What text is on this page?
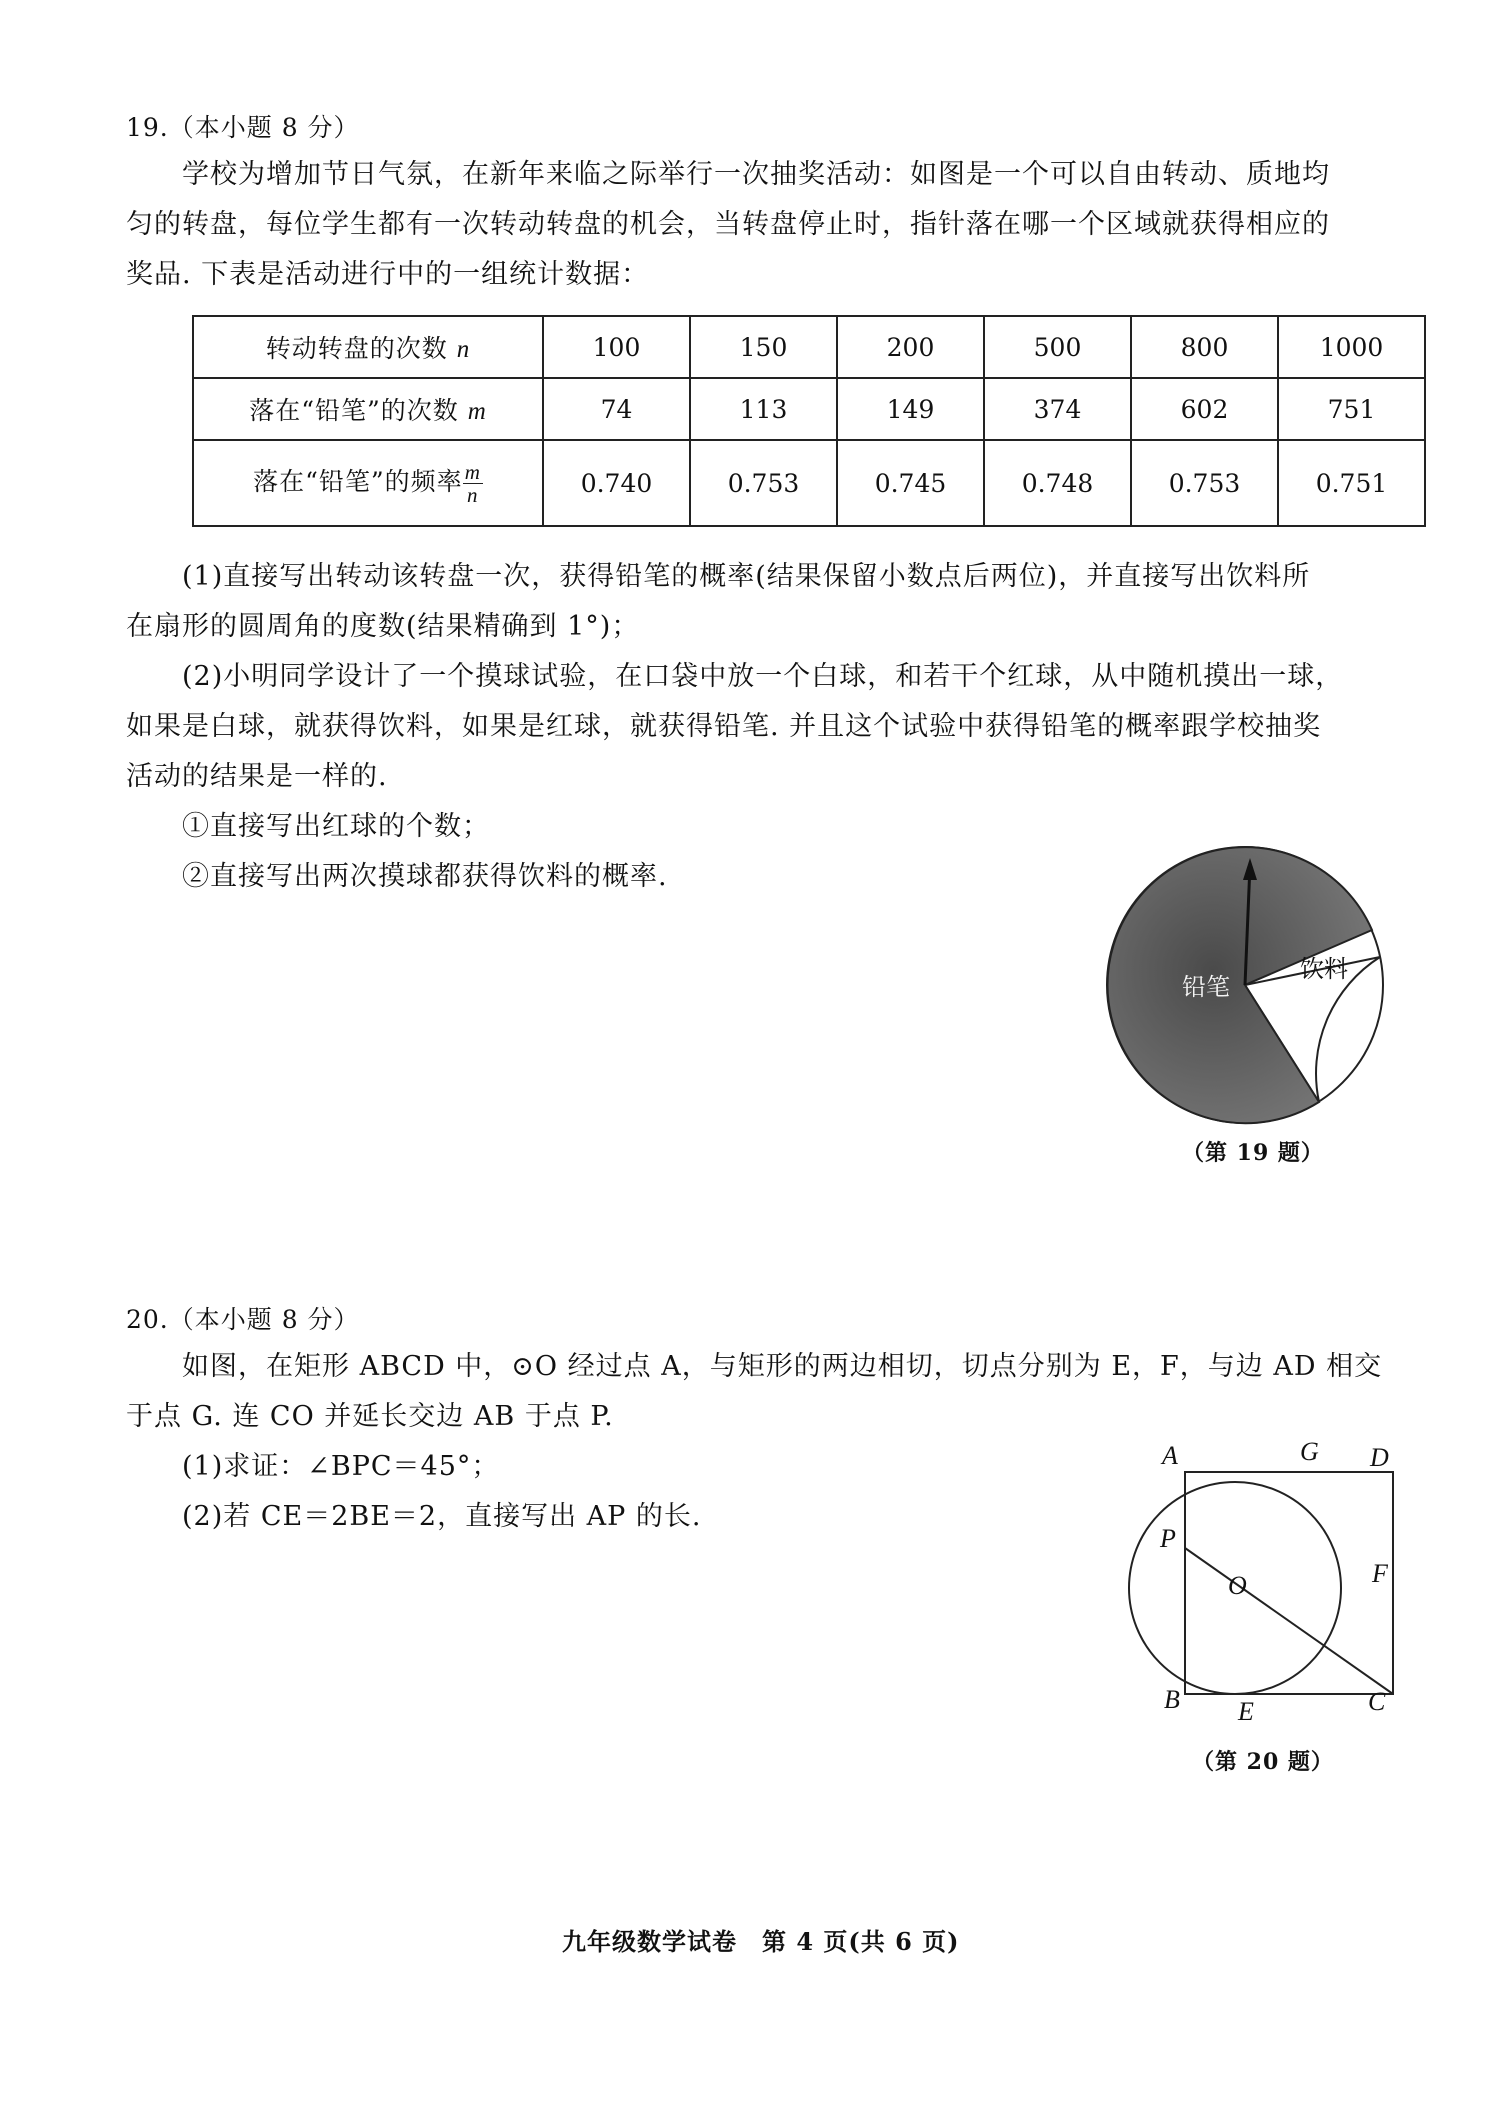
19.（本小题 8 分）

学校为增加节日气氛，在新年来临之际举行一次抽奖活动：如图是一个可以自由转动、质地均

匀的转盘，每位学生都有一次转动转盘的机会，当转盘停止时，指针落在哪一个区域就获得相应的

奖品. 下表是活动进行中的一组统计数据：

转动转盘的次数 n	100	150	200	500	800	1000
落在“铅笔”的次数 m	74	113	149	374	602	751
落在“铅笔”的频率 $\frac{m}{n}$	0.740	0.753	0.745	0.748	0.753	0.751

(1)直接写出转动该转盘一次，获得铅笔的概率(结果保留小数点后两位)，并直接写出饮料所

在扇形的圆周角的度数(结果精确到 1°)；

(2)小明同学设计了一个摸球试验，在口袋中放一个白球，和若干个红球，从中随机摸出一球，

如果是白球，就获得饮料，如果是红球，就获得铅笔. 并且这个试验中获得铅笔的概率跟学校抽奖

活动的结果是一样的.

①直接写出红球的个数；

②直接写出两次摸球都获得饮料的概率.

铅笔
饮料
（第 19 题）
20.（本小题 8 分）

如图，在矩形 ABCD 中，⊙O 经过点 A，与矩形的两边相切，切点分别为 E，F，与边 AD 相交

于点 G. 连 CO 并延长交边 AB 于点 P.

(1)求证：∠BPC＝45°；

(2)若 CE＝2BE＝2，直接写出 AP 的长.

A	G D
P
O	F
B E	C
（第 20 题）
九年级数学试卷　第 4 页(共 6 页)
